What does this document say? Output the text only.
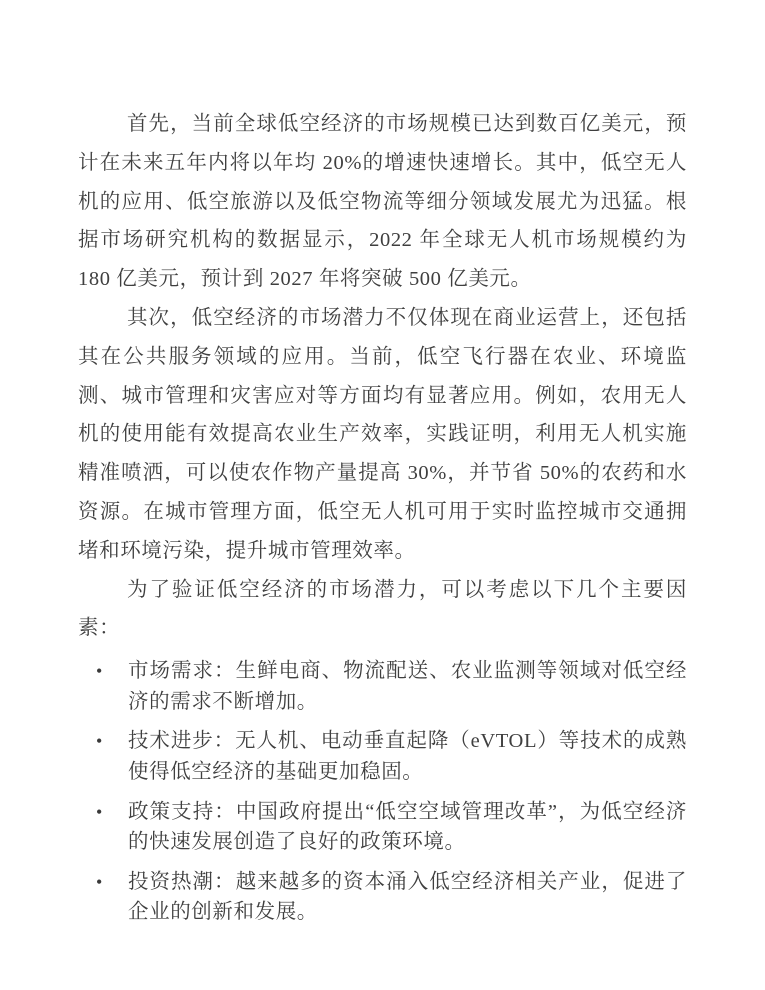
首先，当前全球低空经济的市场规模已达到数百亿美元，预计在未来五年内将以年均 20%的增速快速增长。其中，低空无人机的应用、低空旅游以及低空物流等细分领域发展尤为迅猛。根据市场研究机构的数据显示，2022 年全球无人机市场规模约为 180 亿美元，预计到 2027 年将突破 500 亿美元。

其次，低空经济的市场潜力不仅体现在商业运营上，还包括其在公共服务领域的应用。当前，低空飞行器在农业、环境监测、城市管理和灾害应对等方面均有显著应用。例如，农用无人机的使用能有效提高农业生产效率，实践证明，利用无人机实施精准喷洒，可以使农作物产量提高 30%，并节省 50%的农药和水资源。在城市管理方面，低空无人机可用于实时监控城市交通拥堵和环境污染，提升城市管理效率。

为了验证低空经济的市场潜力，可以考虑以下几个主要因素：

• 市场需求：生鲜电商、物流配送、农业监测等领域对低空经济的需求不断增加。
• 技术进步：无人机、电动垂直起降（eVTOL）等技术的成熟使得低空经济的基础更加稳固。
• 政策支持：中国政府提出“低空空域管理改革”，为低空经济的快速发展创造了良好的政策环境。
• 投资热潮：越来越多的资本涌入低空经济相关产业，促进了企业的创新和发展。
